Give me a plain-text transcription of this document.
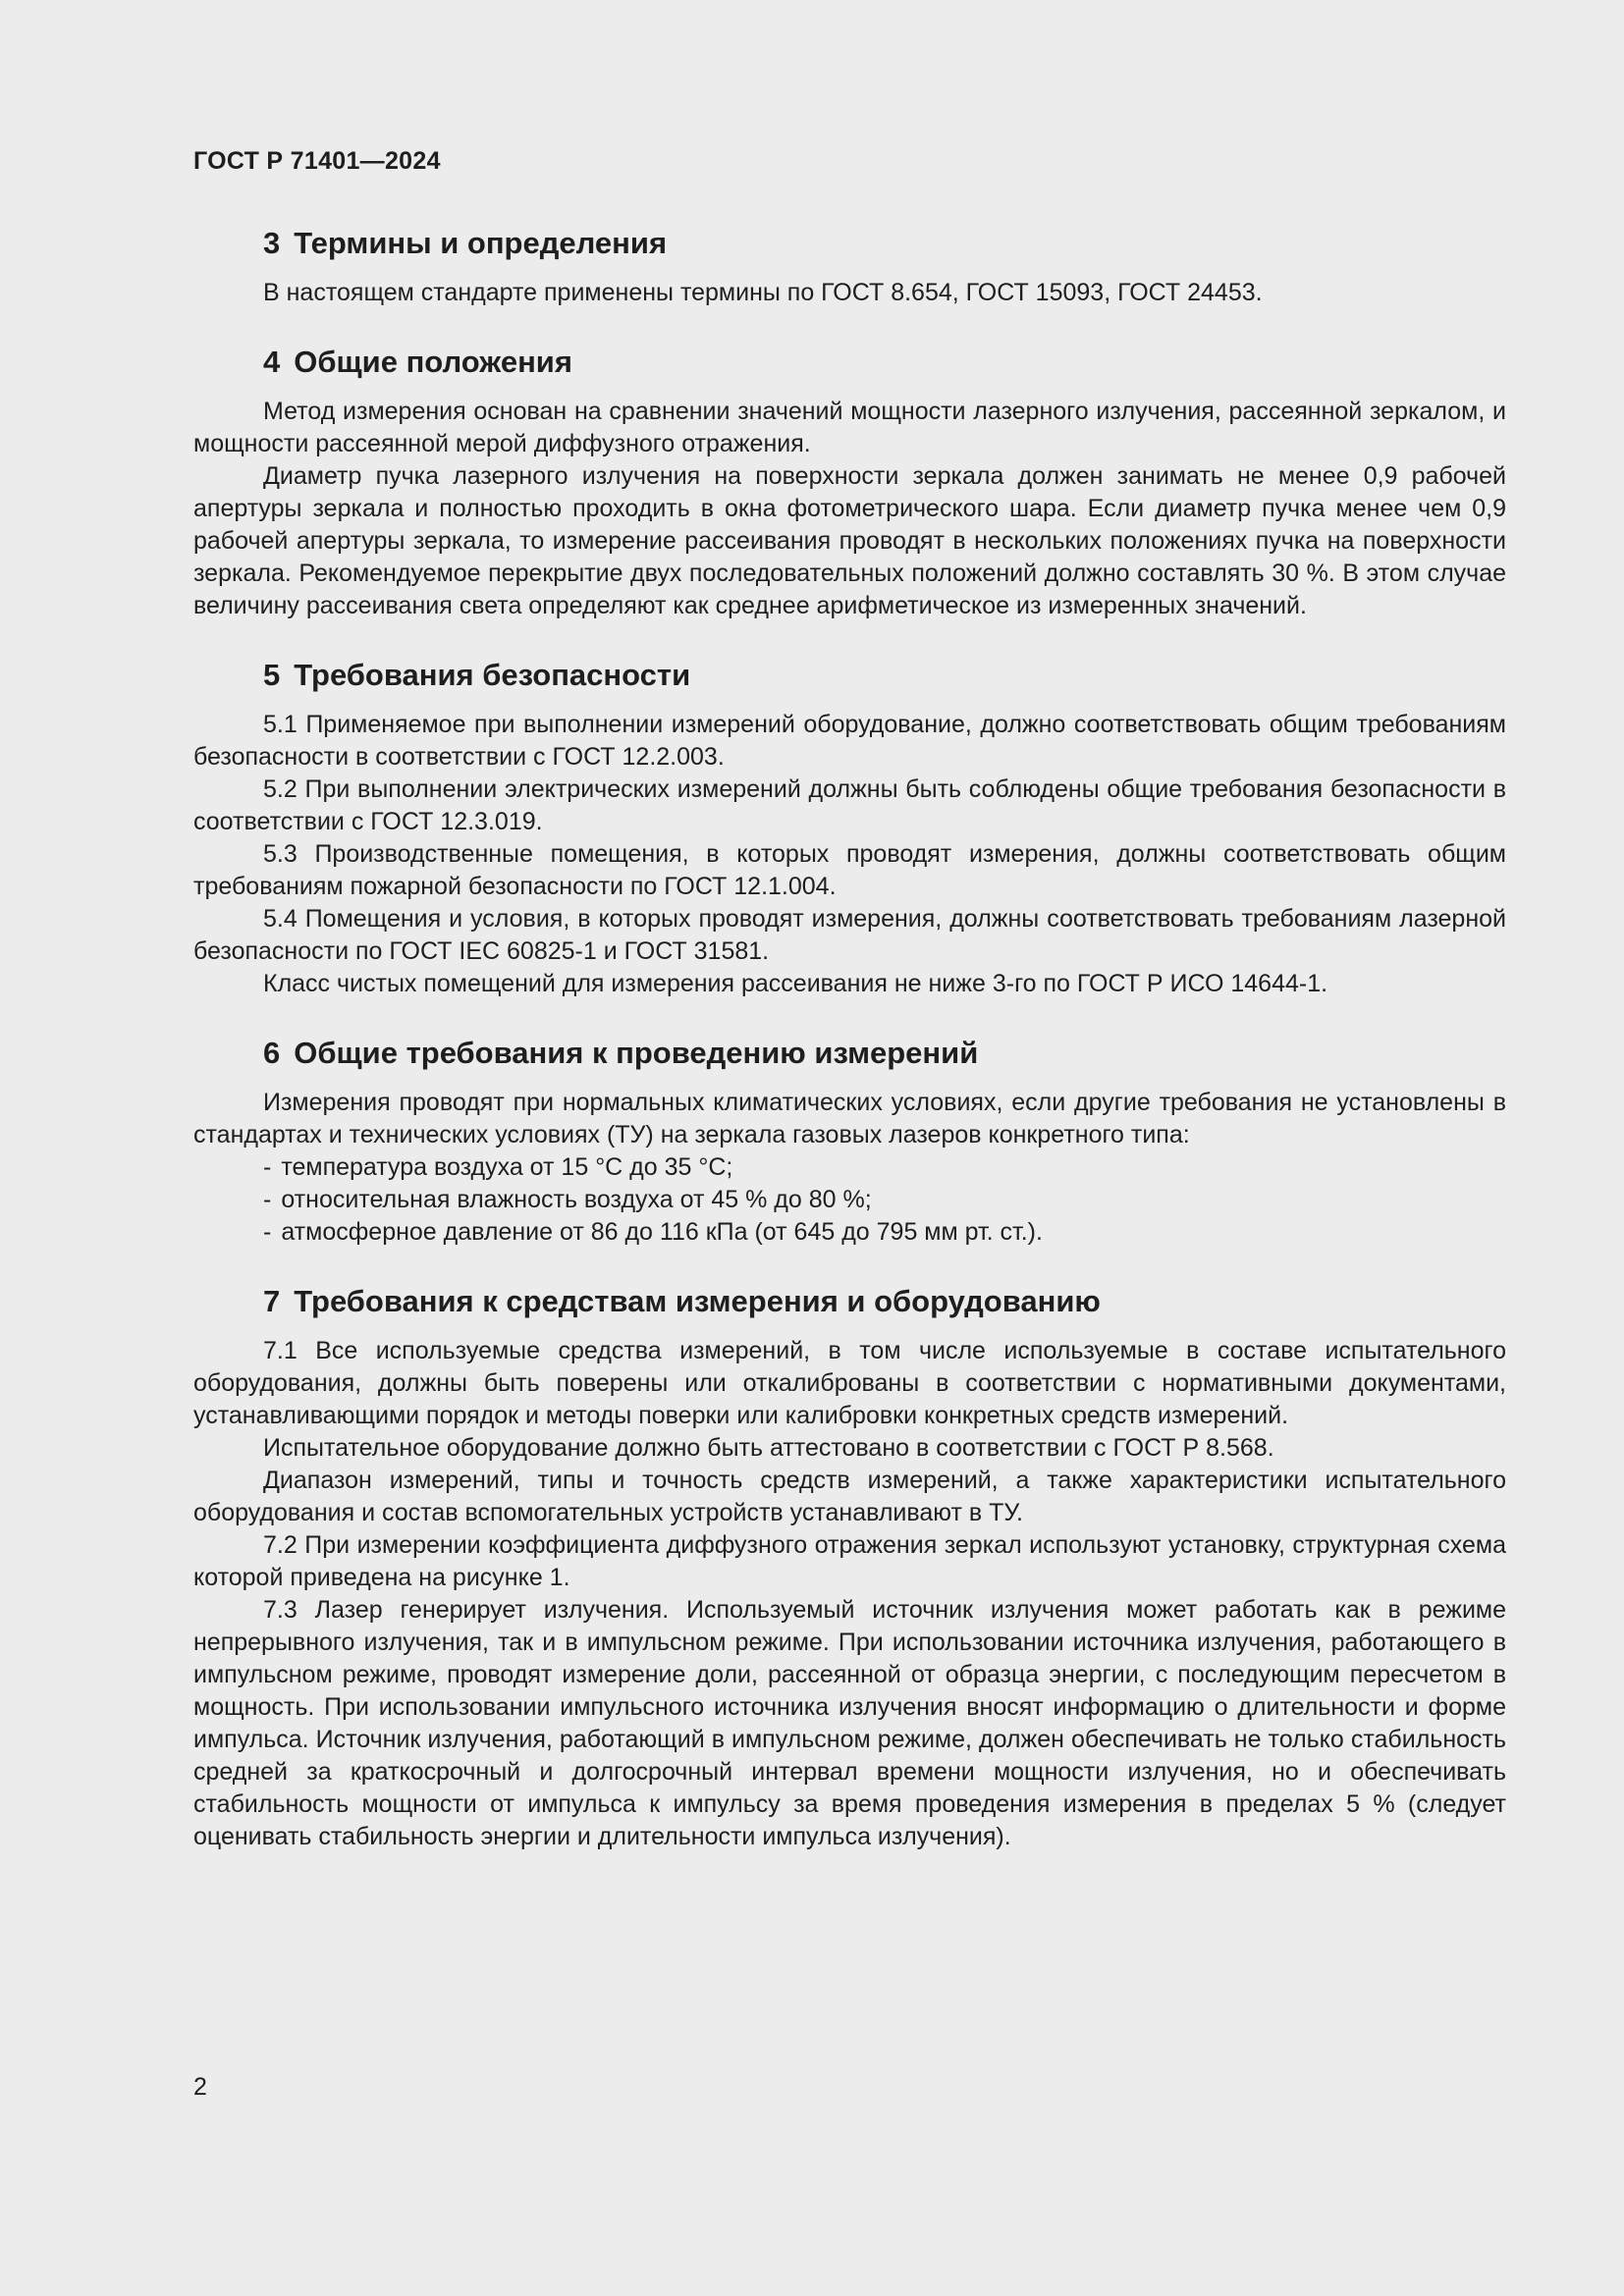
ГОСТ Р 71401—2024
3 Термины и определения

В настоящем стандарте применены термины по ГОСТ 8.654, ГОСТ 15093, ГОСТ 24453.

4 Общие положения

Метод измерения основан на сравнении значений мощности лазерного излучения, рассеянной зеркалом, и мощности рассеянной мерой диффузного отражения.

Диаметр пучка лазерного излучения на поверхности зеркала должен занимать не менее 0,9 рабочей апертуры зеркала и полностью проходить в окна фотометрического шара. Если диаметр пучка менее чем 0,9 рабочей апертуры зеркала, то измерение рассеивания проводят в нескольких положениях пучка на поверхности зеркала. Рекомендуемое перекрытие двух последовательных положений должно составлять 30 %. В этом случае величину рассеивания света определяют как среднее арифметическое из измеренных значений.

5 Требования безопасности

5.1 Применяемое при выполнении измерений оборудование, должно соответствовать общим требованиям безопасности в соответствии с ГОСТ 12.2.003.

5.2 При выполнении электрических измерений должны быть соблюдены общие требования безопасности в соответствии с ГОСТ 12.3.019.

5.3 Производственные помещения, в которых проводят измерения, должны соответствовать общим требованиям пожарной безопасности по ГОСТ 12.1.004.

5.4 Помещения и условия, в которых проводят измерения, должны соответствовать требованиям лазерной безопасности по ГОСТ IEC 60825-1 и ГОСТ 31581.

Класс чистых помещений для измерения рассеивания не ниже 3-го по ГОСТ Р ИСО 14644-1.

6 Общие требования к проведению измерений

Измерения проводят при нормальных климатических условиях, если другие требования не установлены в стандартах и технических условиях (ТУ) на зеркала газовых лазеров конкретного типа:

- температура воздуха от 15 °С до 35 °С;
- относительная влажность воздуха от 45 % до 80 %;
- атмосферное давление от 86 до 116 кПа (от 645 до 795 мм рт. ст.).
7 Требования к средствам измерения и оборудованию

7.1 Все используемые средства измерений, в том числе используемые в составе испытательного оборудования, должны быть поверены или откалиброваны в соответствии с нормативными документами, устанавливающими порядок и методы поверки или калибровки конкретных средств измерений.

Испытательное оборудование должно быть аттестовано в соответствии с ГОСТ Р 8.568.

Диапазон измерений, типы и точность средств измерений, а также характеристики испытательного оборудования и состав вспомогательных устройств устанавливают в ТУ.

7.2 При измерении коэффициента диффузного отражения зеркал используют установку, структурная схема которой приведена на рисунке 1.

7.3 Лазер генерирует излучения. Используемый источник излучения может работать как в режиме непрерывного излучения, так и в импульсном режиме. При использовании источника излучения, работающего в импульсном режиме, проводят измерение доли, рассеянной от образца энергии, с последующим пересчетом в мощность. При использовании импульсного источника излучения вносят информацию о длительности и форме импульса. Источник излучения, работающий в импульсном режиме, должен обеспечивать не только стабильность средней за краткосрочный и долгосрочный интервал времени мощности излучения, но и обеспечивать стабильность мощности от импульса к импульсу за время проведения измерения в пределах 5 % (следует оценивать стабильность энергии и длительности импульса излучения).

2
